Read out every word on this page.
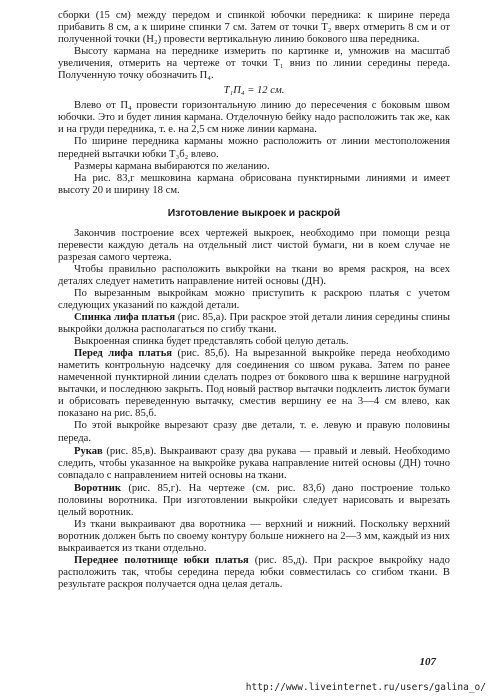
сборки (15 см) между передом и спинкой юбочки передника: к ширине переда прибавить 8 см, а к ширине спинки 7 см. Затем от точки Т₂ вверх отмерить 8 см и от полученной точки (Н₂) провести вертикальную линию бокового шва передника.

Высоту кармана на переднике измерить по картинке и, умножив на масштаб увеличения, отмерить на чертеже от точки Т₁ вниз по линии середины переда. Полученную точку обозначить П₄.

Т₁П₄ = 12 см.

Влево от П₄ провести горизонтальную линию до пересечения с боковым швом юбочки. Это и будет линия кармана. Отделочную бейку надо расположить так же, как и на груди передника, т. е. на 2,5 см ниже линии кармана.

По ширине передника карманы можно расположить от линии местоположения передней вытачки юбки Т₃б₂ влево.

Размеры кармана выбираются по желанию.

На рис. 83,г мешковина кармана обрисована пунктирными линиями и имеет высоту 20 и ширину 18 см.

Изготовление выкроек и раскрой

Закончив построение всех чертежей выкроек, необходимо при помощи резца перевести каждую деталь на отдельный лист чистой бумаги, ни в коем случае не разрезая самого чертежа.

Чтобы правильно расположить выкройки на ткани во время раскроя, на всех деталях следует наметить направление нитей основы (ДН).

По вырезанным выкройкам можно приступить к раскрою платья с учетом следующих указаний по каждой детали.

Спинка лифа платья (рис. 85,а). При раскрое этой детали линия середины спины выкройки должна располагаться по сгибу ткани.

Выкроенная спинка будет представлять собой целую деталь.

Перед лифа платья (рис. 85,б). На вырезанной выкройке переда необходимо наметить контрольную надсечку для соединения со швом рукава. Затем по ранее намеченной пунктирной линии сделать подрез от бокового шва к вершине нагрудной вытачки, и последнюю закрыть. Под новый раствор вытачки подклеить листок бумаги и обрисовать переведенную вытачку, сместив вершину ее на 3—4 см влево, как показано на рис. 85,б.

По этой выкройке вырезают сразу две детали, т. е. левую и правую половины переда.

Рукав (рис. 85,в). Выкраивают сразу два рукава — правый и левый. Необходимо следить, чтобы указанное на выкройке рукава направление нитей основы (ДН) точно совпадало с направлением нитей основы на ткани.

Воротник (рис. 85,г). На чертеже (см. рис. 83,б) дано построение только половины воротника. При изготовлении выкройки следует нарисовать и вырезать целый воротник.

Из ткани выкраивают два воротника — верхний и нижний. Поскольку верхний воротник должен быть по своему контуру больше нижнего на 2—3 мм, каждый из них выкраивается из ткани отдельно.

Переднее полотнище юбки платья (рис. 85,д). При раскрое выкройку надо расположить так, чтобы середина переда юбки совместилась со сгибом ткани. В результате раскроя получается одна целая деталь.

107
http://www.liveinternet.ru/users/galina_o/
